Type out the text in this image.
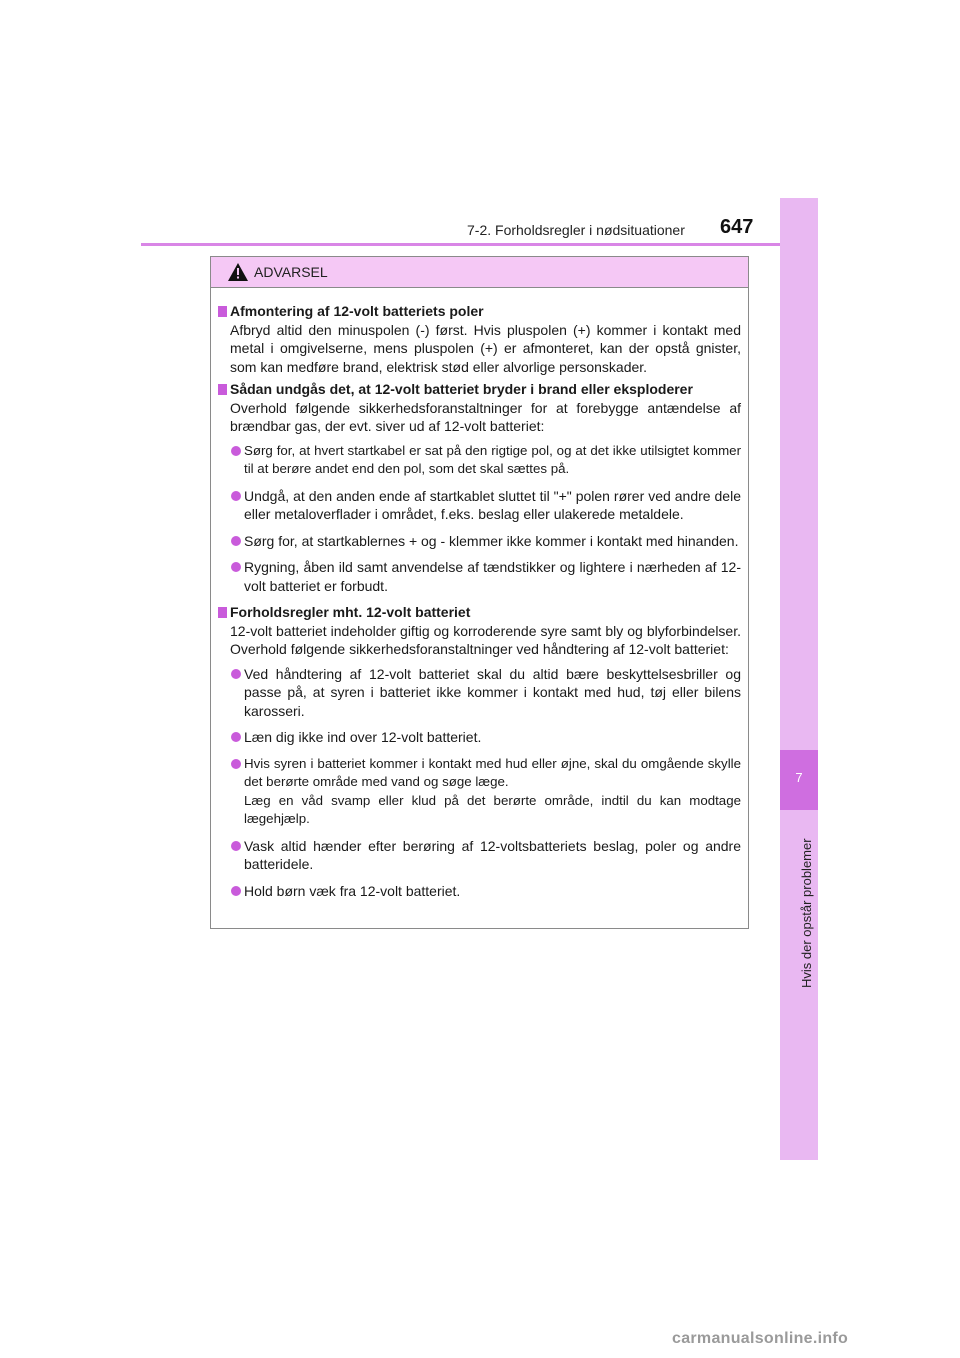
7-2. Forholdsregler i nødsituationer 647
7
Hvis der opstår problemer
ADVARSEL
Afmontering af 12-volt batteriets poler
Afbryd altid den minuspolen (-) først. Hvis pluspolen (+) kommer i kontakt med metal i omgivelserne, mens pluspolen (+) er afmonteret, kan der opstå gnister, som kan medføre brand, elektrisk stød eller alvorlige personskader.
Sådan undgås det, at 12-volt batteriet bryder i brand eller eksploderer
Overhold følgende sikkerhedsforanstaltninger for at forebygge antændelse af brændbar gas, der evt. siver ud af 12-volt batteriet:
Sørg for, at hvert startkabel er sat på den rigtige pol, og at det ikke utilsigtet kommer til at berøre andet end den pol, som det skal sættes på.
Undgå, at den anden ende af startkablet sluttet til "+" polen rører ved andre dele eller metaloverflader i området, f.eks. beslag eller ulakerede metaldele.
Sørg for, at startkablernes + og - klemmer ikke kommer i kontakt med hinanden.
Rygning, åben ild samt anvendelse af tændstikker og lightere i nærheden af 12-volt batteriet er forbudt.
Forholdsregler mht. 12-volt batteriet
12-volt batteriet indeholder giftig og korroderende syre samt bly og blyforbindelser. Overhold følgende sikkerhedsforanstaltninger ved håndtering af 12-volt batteriet:
Ved håndtering af 12-volt batteriet skal du altid bære beskyttelsesbriller og passe på, at syren i batteriet ikke kommer i kontakt med hud, tøj eller bilens karosseri.
Læn dig ikke ind over 12-volt batteriet.
Hvis syren i batteriet kommer i kontakt med hud eller øjne, skal du omgående skylle det berørte område med vand og søge læge.
Læg en våd svamp eller klud på det berørte område, indtil du kan modtage lægehjælp.
Vask altid hænder efter berøring af 12-voltsbatteriets beslag, poler og andre batteridele.
Hold børn væk fra 12-volt batteriet.
carmanualsonline.info
